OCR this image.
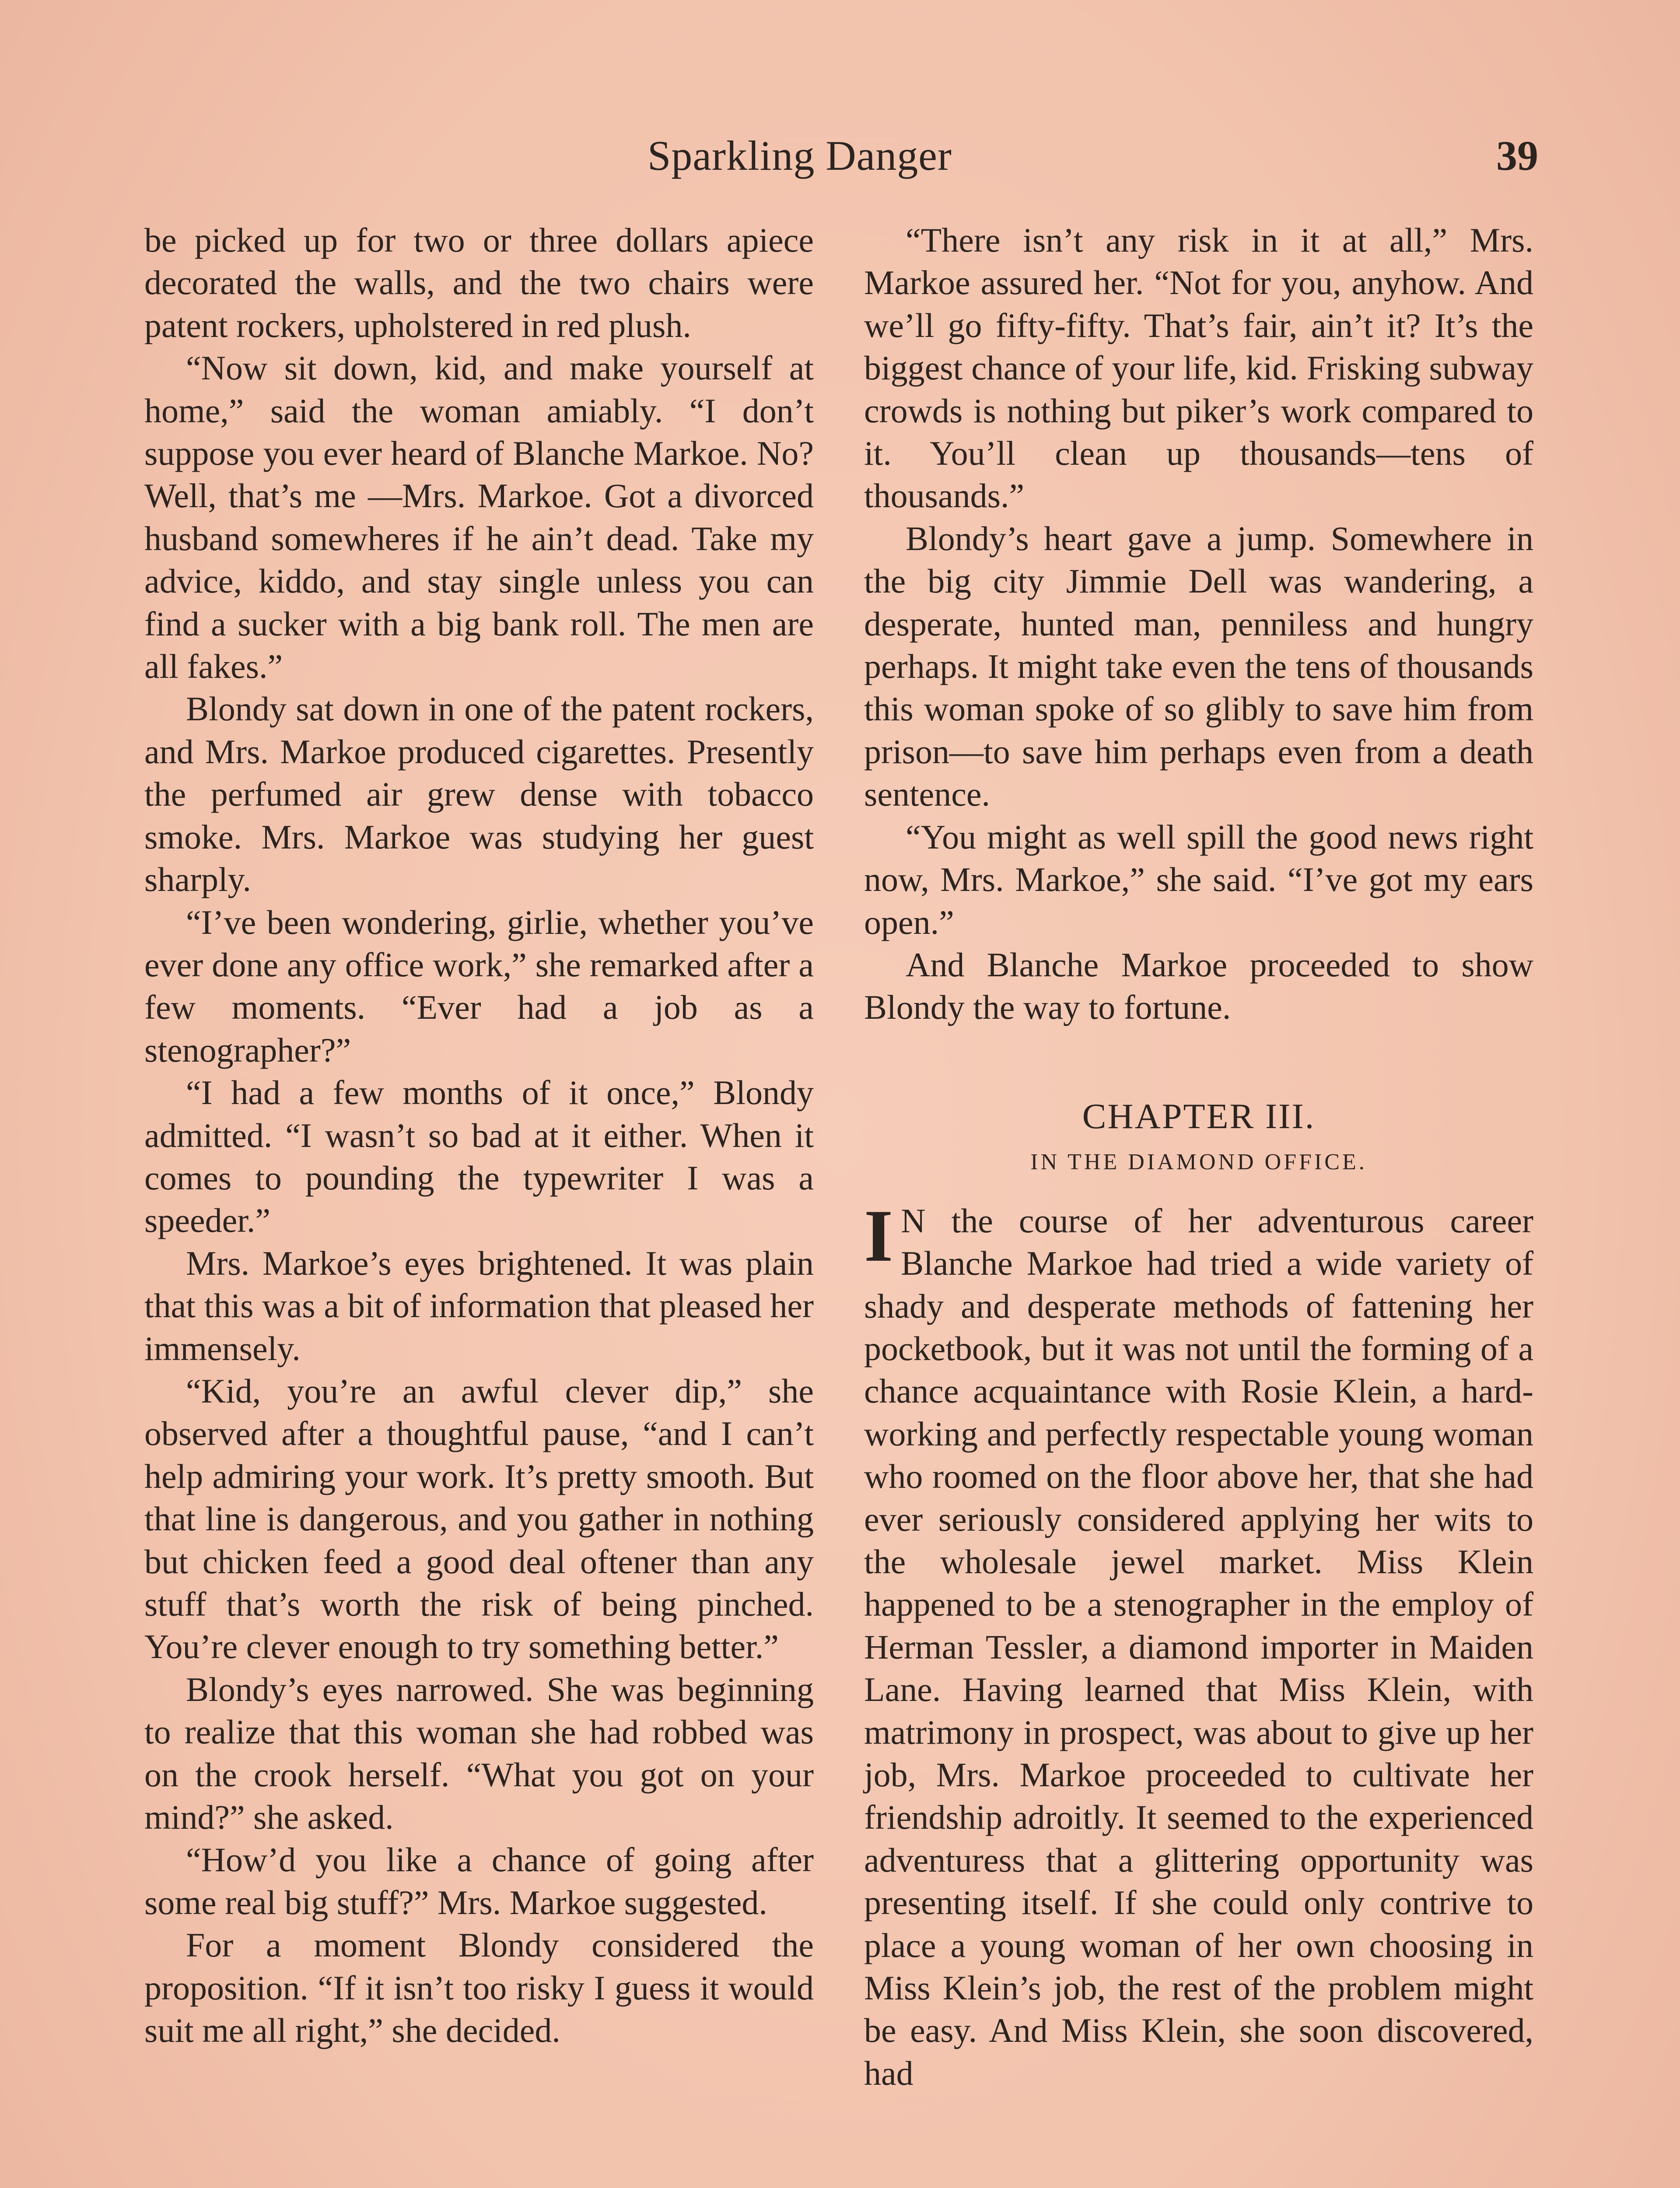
Sparkling Danger	39

be picked up for two or three dollars apiece decorated the walls, and the two chairs were patent rockers, upholstered in red plush.

“Now sit down, kid, and make yourself at home,” said the woman amiably. “I don’t suppose you ever heard of Blanche Markoe. No? Well, that’s me —Mrs. Markoe. Got a divorced husband somewheres if he ain’t dead. Take my advice, kiddo, and stay single unless you can find a sucker with a big bank roll. The men are all fakes.”

Blondy sat down in one of the patent rockers, and Mrs. Markoe produced cigarettes. Presently the perfumed air grew dense with tobacco smoke. Mrs. Markoe was studying her guest sharply.

“I’ve been wondering, girlie, whether you’ve ever done any office work,” she remarked after a few moments. “Ever had a job as a stenographer?”

“I had a few months of it once,” Blondy admitted. “I wasn’t so bad at it either. When it comes to pounding the typewriter I was a speeder.”

Mrs. Markoe’s eyes brightened. It was plain that this was a bit of information that pleased her immensely.

“Kid, you’re an awful clever dip,” she observed after a thoughtful pause, “and I can’t help admiring your work. It’s pretty smooth. But that line is dangerous, and you gather in nothing but chicken feed a good deal oftener than any stuff that’s worth the risk of being pinched. You’re clever enough to try something better.”

Blondy’s eyes narrowed. She was beginning to realize that this woman she had robbed was on the crook herself. “What you got on your mind?” she asked.

“How’d you like a chance of going after some real big stuff?” Mrs. Markoe suggested.

For a moment Blondy considered the proposition. “If it isn’t too risky I guess it would suit me all right,” she decided.

“There isn’t any risk in it at all,” Mrs. Markoe assured her. “Not for you, anyhow. And we’ll go fifty-fifty. That’s fair, ain’t it? It’s the biggest chance of your life, kid. Frisking subway crowds is nothing but piker’s work compared to it. You’ll clean up thousands—tens of thousands.”

Blondy’s heart gave a jump. Somewhere in the big city Jimmie Dell was wandering, a desperate, hunted man, penniless and hungry perhaps. It might take even the tens of thousands this woman spoke of so glibly to save him from prison—to save him perhaps even from a death sentence.

“You might as well spill the good news right now, Mrs. Markoe,” she said. “I’ve got my ears open.”

And Blanche Markoe proceeded to show Blondy the way to fortune.

CHAPTER III.
IN THE DIAMOND OFFICE.

I N the course of her adventurous career Blanche Markoe had tried a wide variety of shady and desperate methods of fattening her pocketbook, but it was not until the forming of a chance acquaintance with Rosie Klein, a hard-working and perfectly respectable young woman who roomed on the floor above her, that she had ever seriously considered applying her wits to the wholesale jewel market. Miss Klein happened to be a stenographer in the employ of Herman Tessler, a diamond importer in Maiden Lane. Having learned that Miss Klein, with matrimony in prospect, was about to give up her job, Mrs. Markoe proceeded to cultivate her friendship adroitly. It seemed to the experienced adventuress that a glittering opportunity was presenting itself. If she could only contrive to place a young woman of her own choosing in Miss Klein’s job, the rest of the problem might be easy. And Miss Klein, she soon discovered, had
